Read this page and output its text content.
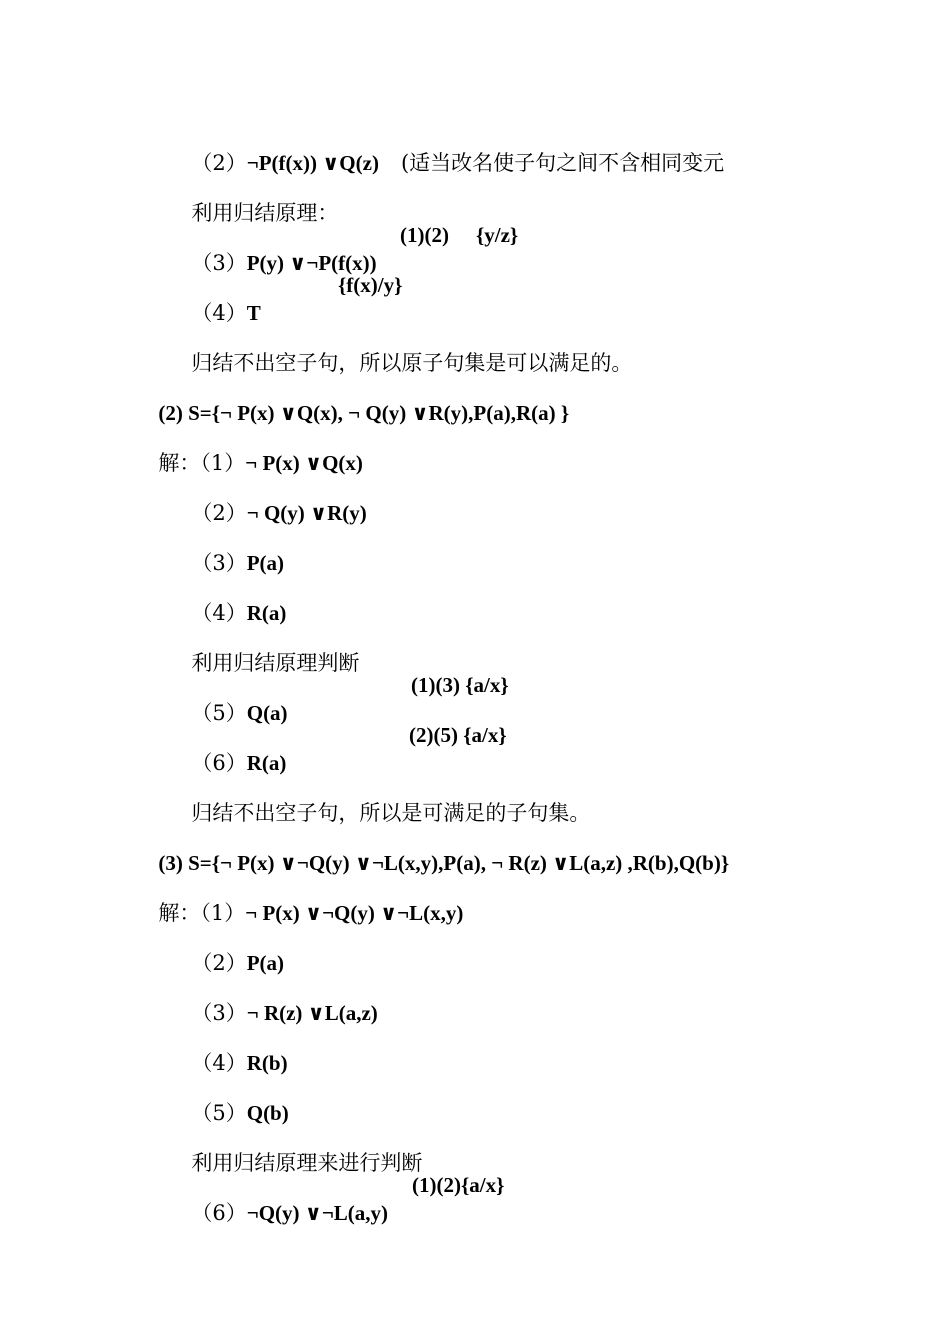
（2）¬P(f(x)) ∨Q(z) (适当改名使子句之间不含相同变元

利用归结原理：

（3）P(y) ∨¬P(f(x))

(1)(2) {y/z}

（4）T

{f(x)/y}

归结不出空子句，所以原子句集是可以满足的。

(2) S={¬ P(x) ∨Q(x), ¬ Q(y) ∨R(y),P(a),R(a) }

解：（1）¬ P(x) ∨Q(x)

（2）¬ Q(y) ∨R(y)

（3）P(a)

（4）R(a)

利用归结原理判断

（5）Q(a)

(1)(3) {a/x}

（6）R(a)

(2)(5) {a/x}

归结不出空子句，所以是可满足的子句集。

(3) S={¬ P(x) ∨¬Q(y) ∨¬L(x,y),P(a), ¬ R(z) ∨L(a,z) ,R(b),Q(b)}

解：（1）¬ P(x) ∨¬Q(y) ∨¬L(x,y)

（2）P(a)

（3）¬ R(z) ∨L(a,z)

（4）R(b)

（5）Q(b)

利用归结原理来进行判断

（6）¬Q(y) ∨¬L(a,y)

(1)(2){a/x}
